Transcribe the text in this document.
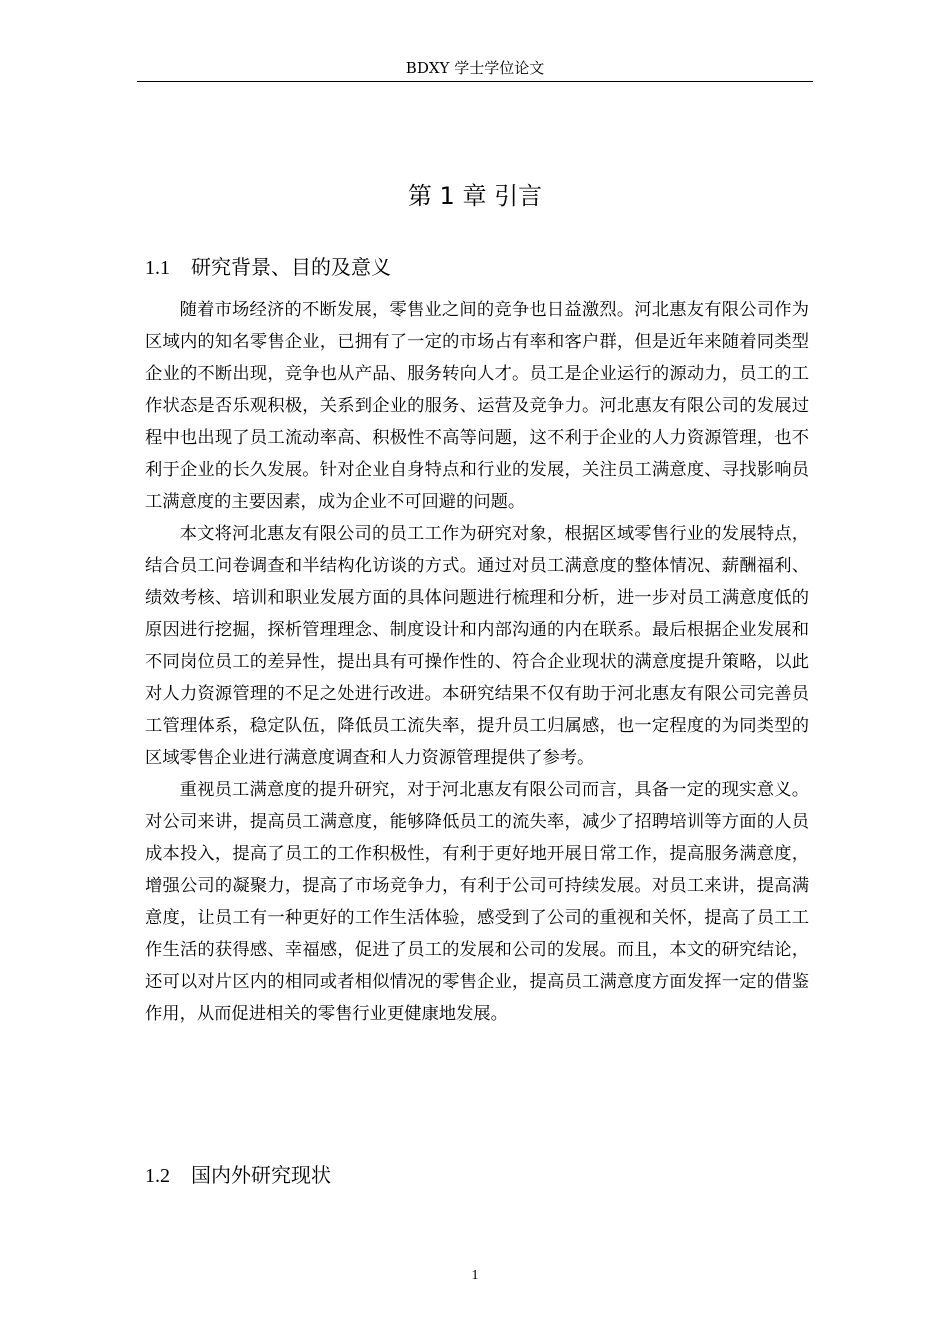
BDXY 学士学位论文
第 1 章 引言
1.1 研究背景、目的及意义

随着市场经济的不断发展，零售业之间的竞争也日益激烈。河北惠友有限公司作为区域内的知名零售企业，已拥有了一定的市场占有率和客户群，但是近年来随着同类型企业的不断出现，竞争也从产品、服务转向人才。员工是企业运行的源动力，员工的工作状态是否乐观积极，关系到企业的服务、运营及竞争力。河北惠友有限公司的发展过程中也出现了员工流动率高、积极性不高等问题，这不利于企业的人力资源管理，也不利于企业的长久发展。针对企业自身特点和行业的发展，关注员工满意度、寻找影响员工满意度的主要因素，成为企业不可回避的问题。

本文将河北惠友有限公司的员工工作为研究对象，根据区域零售行业的发展特点，结合员工问卷调查和半结构化访谈的方式。通过对员工满意度的整体情况、薪酬福利、绩效考核、培训和职业发展方面的具体问题进行梳理和分析，进一步对员工满意度低的原因进行挖掘，探析管理理念、制度设计和内部沟通的内在联系。最后根据企业发展和不同岗位员工的差异性，提出具有可操作性的、符合企业现状的满意度提升策略，以此对人力资源管理的不足之处进行改进。本研究结果不仅有助于河北惠友有限公司完善员工管理体系，稳定队伍，降低员工流失率，提升员工归属感，也一定程度的为同类型的区域零售企业进行满意度调查和人力资源管理提供了参考。

重视员工满意度的提升研究，对于河北惠友有限公司而言，具备一定的现实意义。对公司来讲，提高员工满意度，能够降低员工的流失率，减少了招聘培训等方面的人员成本投入，提高了员工的工作积极性，有利于更好地开展日常工作，提高服务满意度，增强公司的凝聚力，提高了市场竞争力，有利于公司可持续发展。对员工来讲，提高满意度，让员工有一种更好的工作生活体验，感受到了公司的重视和关怀，提高了员工工作生活的获得感、幸福感，促进了员工的发展和公司的发展。而且，本文的研究结论，还可以对片区内的相同或者相似情况的零售企业，提高员工满意度方面发挥一定的借鉴作用，从而促进相关的零售行业更健康地发展。

1.2 国内外研究现状
1
